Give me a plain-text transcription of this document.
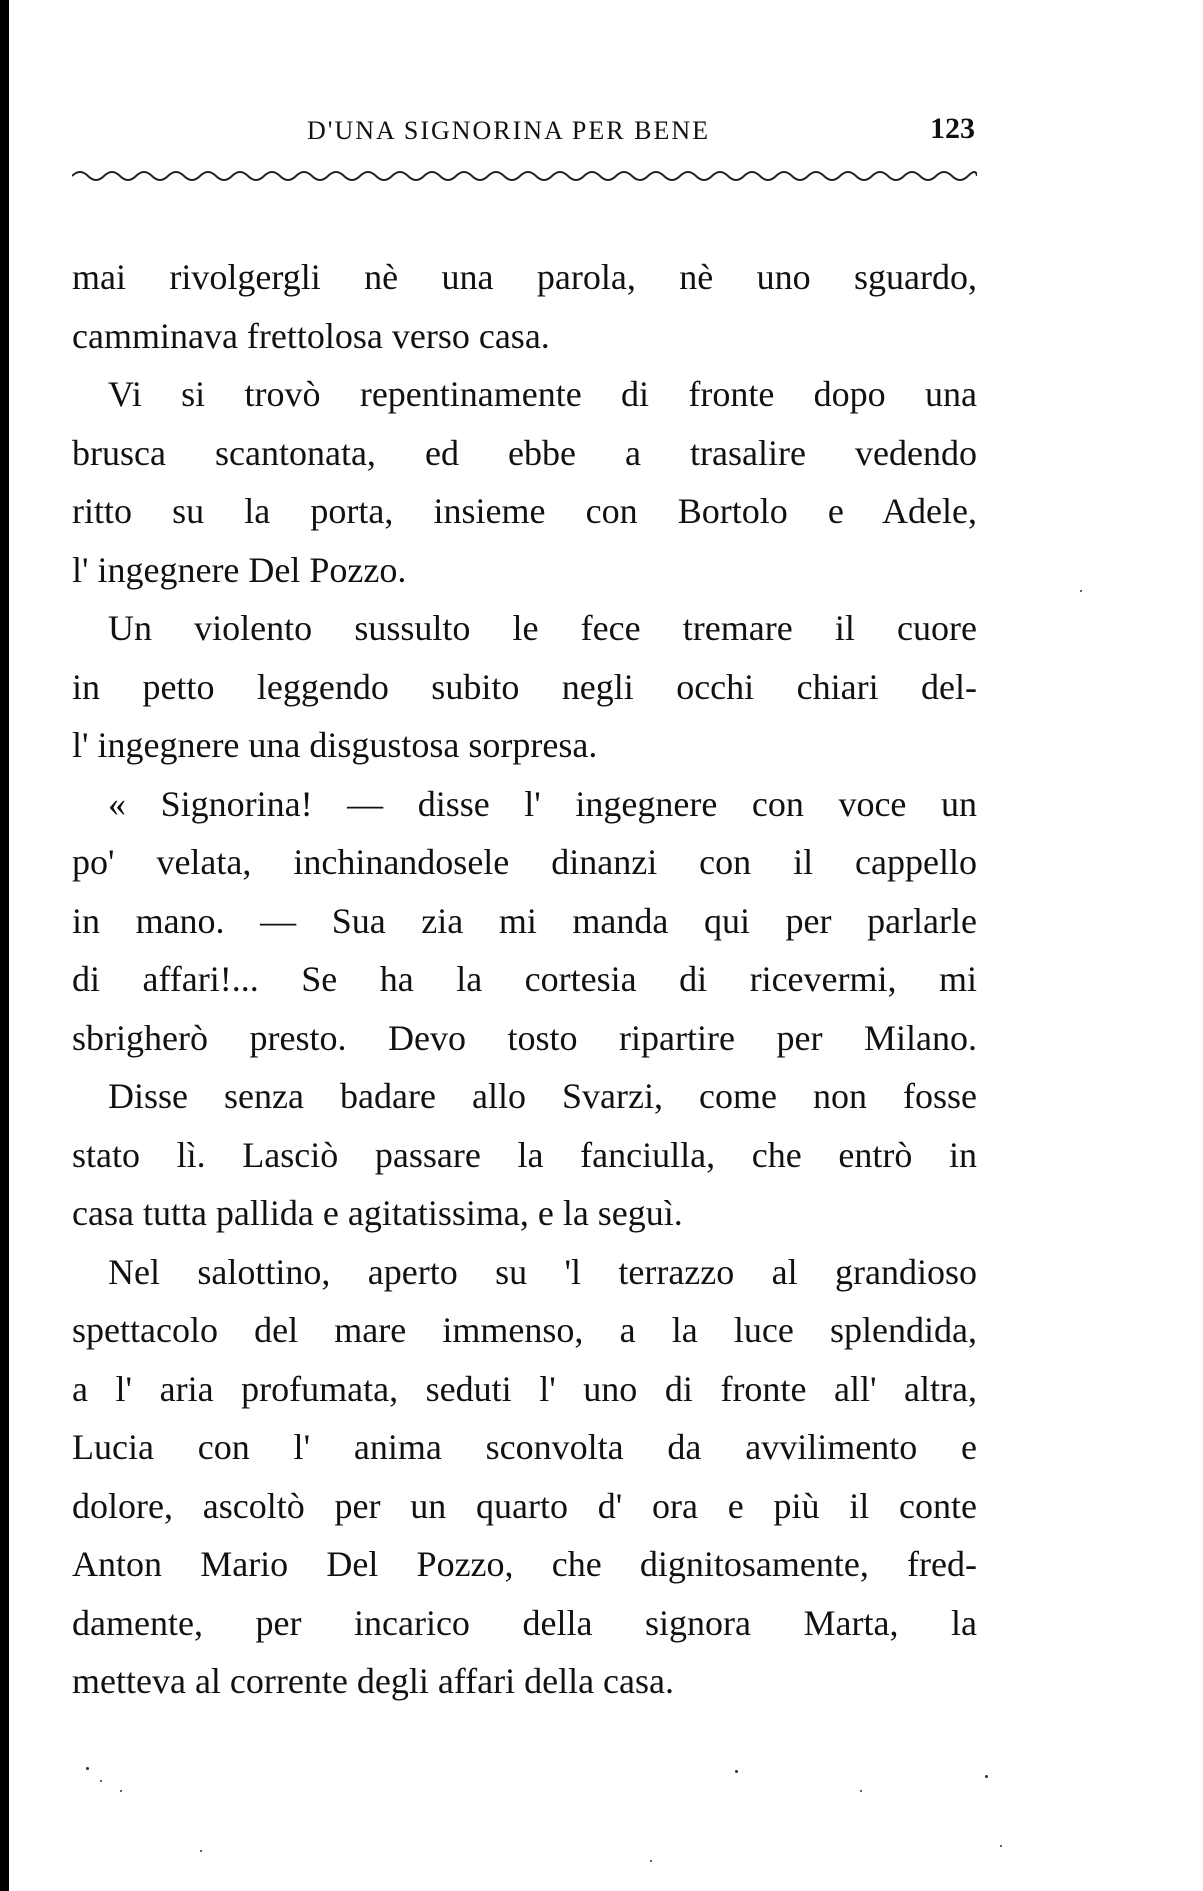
D'UNA SIGNORINA PER BENE	123
mai rivolgergli nè una parola, nè uno sguardo,
camminava frettolosa verso casa.
Vi si trovò repentinamente di fronte dopo una
brusca scantonata, ed ebbe a trasalire vedendo
ritto su la porta, insieme con Bortolo e Adele,
l' ingegnere Del Pozzo.
Un violento sussulto le fece tremare il cuore
in petto leggendo subito negli occhi chiari del-
l' ingegnere una disgustosa sorpresa.
« Signorina! — disse l' ingegnere con voce un
po' velata, inchinandosele dinanzi con il cappello
in mano. — Sua zia mi manda qui per parlarle
di affari!... Se ha la cortesia di ricevermi, mi
sbrigherò presto. Devo tosto ripartire per Milano.
Disse senza badare allo Svarzi, come non fosse
stato lì. Lasciò passare la fanciulla, che entrò in
casa tutta pallida e agitatissima, e la seguì.
Nel salottino, aperto su 'l terrazzo al grandioso
spettacolo del mare immenso, a la luce splendida,
a l' aria profumata, seduti l' uno di fronte all' altra,
Lucia con l' anima sconvolta da avvilimento e
dolore, ascoltò per un quarto d' ora e più il conte
Anton Mario Del Pozzo, che dignitosamente, fred-
damente, per incarico della signora Marta, la
metteva al corrente degli affari della casa.
